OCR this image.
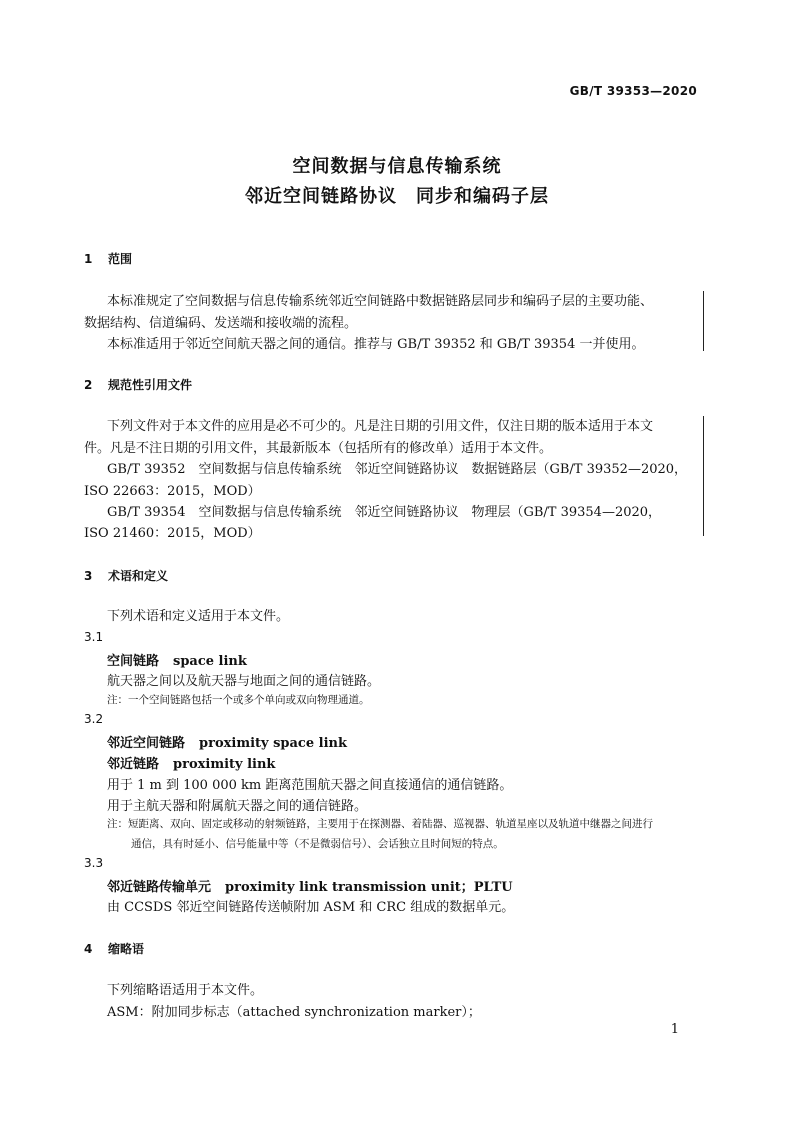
GB/T 39353—2020
空间数据与信息传输系统
邻近空间链路协议　同步和编码子层
1 范围
本标准规定了空间数据与信息传输系统邻近空间链路中数据链路层同步和编码子层的主要功能、
数据结构、信道编码、发送端和接收端的流程。
本标准适用于邻近空间航天器之间的通信。推荐与 GB/T 39352 和 GB/T 39354 一并使用。
2 规范性引用文件
下列文件对于本文件的应用是必不可少的。凡是注日期的引用文件，仅注日期的版本适用于本文
件。凡是不注日期的引用文件，其最新版本（包括所有的修改单）适用于本文件。
GB/T 39352　空间数据与信息传输系统　邻近空间链路协议　数据链路层（GB/T 39352—2020，
ISO 22663：2015，MOD）
GB/T 39354　空间数据与信息传输系统　邻近空间链路协议　物理层（GB/T 39354—2020，
ISO 21460：2015，MOD）
3 术语和定义
下列术语和定义适用于本文件。
3.1
空间链路 space link
航天器之间以及航天器与地面之间的通信链路。
注：一个空间链路包括一个或多个单向或双向物理通道。
3.2
邻近空间链路 proximity space link
邻近链路 proximity link
用于 1 m 到 100 000 km 距离范围航天器之间直接通信的通信链路。
用于主航天器和附属航天器之间的通信链路。
注：短距离、双向、固定或移动的射频链路，主要用于在探测器、着陆器、巡视器、轨道星座以及轨道中继器之间进行
通信，具有时延小、信号能量中等（不是微弱信号）、会话独立且时间短的特点。
3.3
邻近链路传输单元 proximity link transmission unit；PLTU
由 CCSDS 邻近空间链路传送帧附加 ASM 和 CRC 组成的数据单元。
4 缩略语
下列缩略语适用于本文件。
ASM：附加同步标志（attached synchronization marker）；
1
